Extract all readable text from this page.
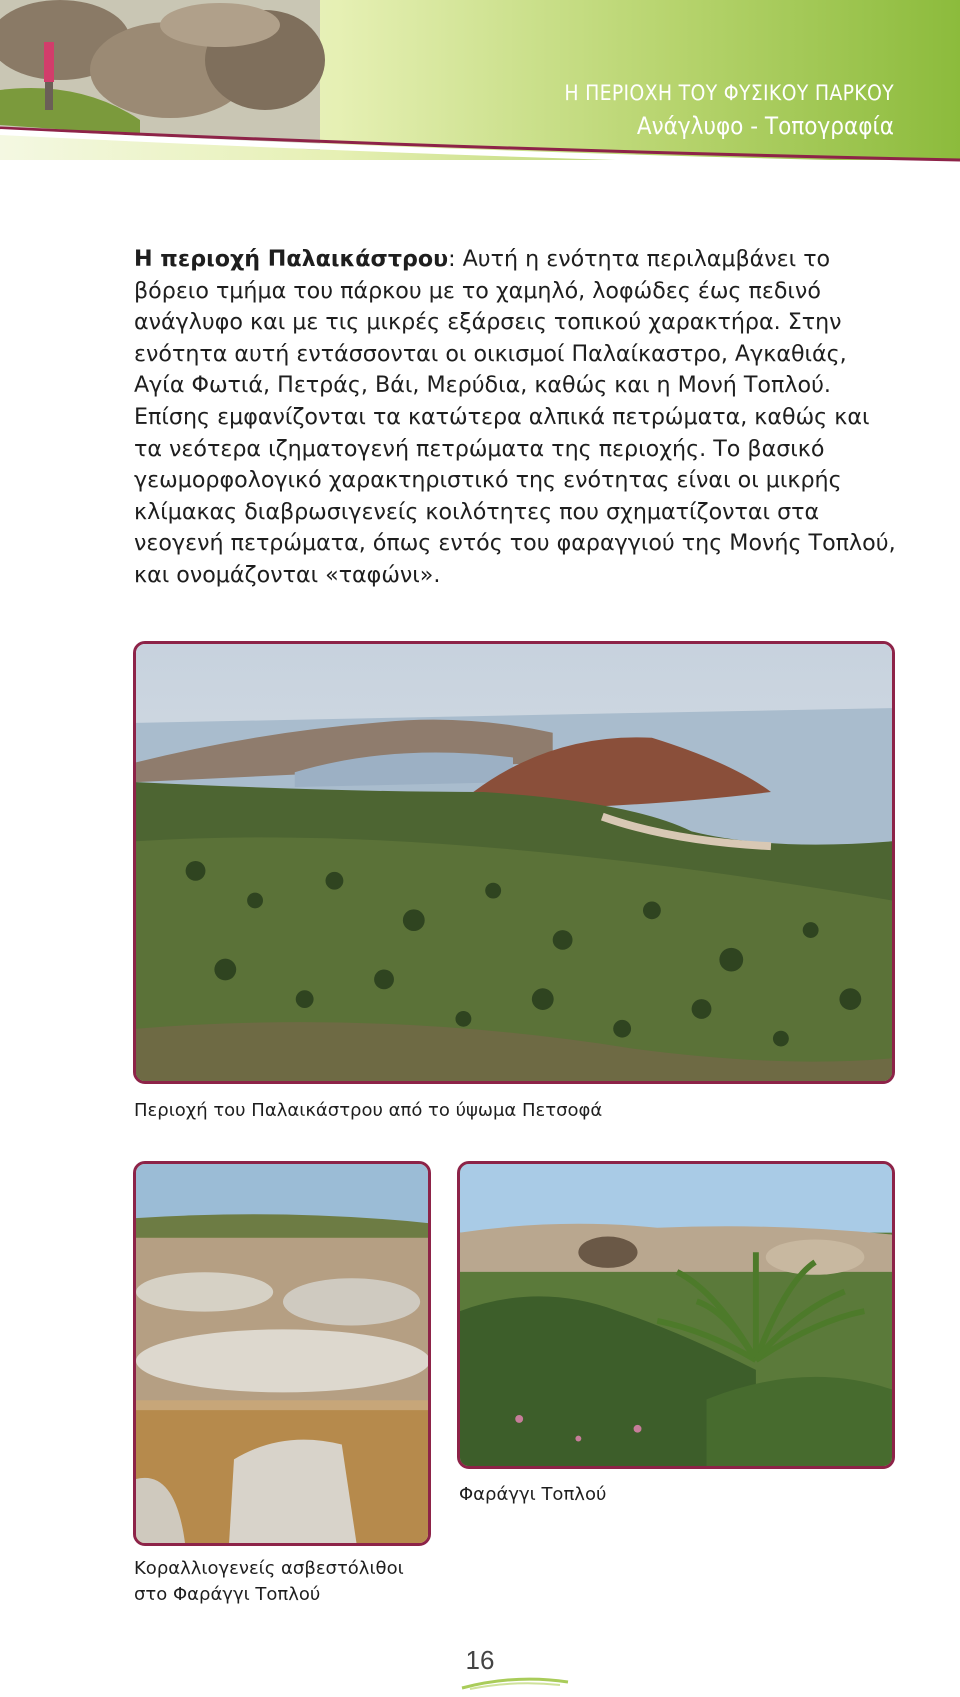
Η ΠΕΡΙΟΧΗ ΤΟΥ ΦΥΣΙΚΟΥ ΠΑΡΚΟΥ
Ανάγλυφο - Τοπογραφία
Η περιοχή Παλαικάστρου: Αυτή η ενότητα περιλαμβάνει το βόρειο τμήμα του πάρκου με το χαμηλό, λοφώδες έως πεδινό ανάγλυφο και με τις μικρές εξάρσεις τοπικού χαρακτήρα. Στην ενότητα αυτή εντάσσονται οι οικισμοί Παλαίκαστρο, Αγκαθιάς, Αγία Φωτιά, Πετράς, Βάι, Μερύδια, καθώς και η Μονή Τοπλού. Επίσης εμφανίζονται τα κατώτερα αλπικά πετρώματα, καθώς και τα νεότερα ιζηματογενή πετρώματα της περιοχής. Το βασικό γεωμορφολογικό χαρακτηριστικό της ενότητας είναι οι μικρής κλίμακας διαβρωσιγενείς κοιλότητες που σχηματίζονται στα νεογενή πετρώματα, όπως εντός του φαραγγιού της Μονής Τοπλού, και ονομάζονται «ταφώνι».
Περιοχή του Παλαικάστρου από το ύψωμα Πετσοφά
Κοραλλιογενείς ασβεστόλιθοι
στο Φαράγγι Τοπλού
Φαράγγι Τοπλού
16
